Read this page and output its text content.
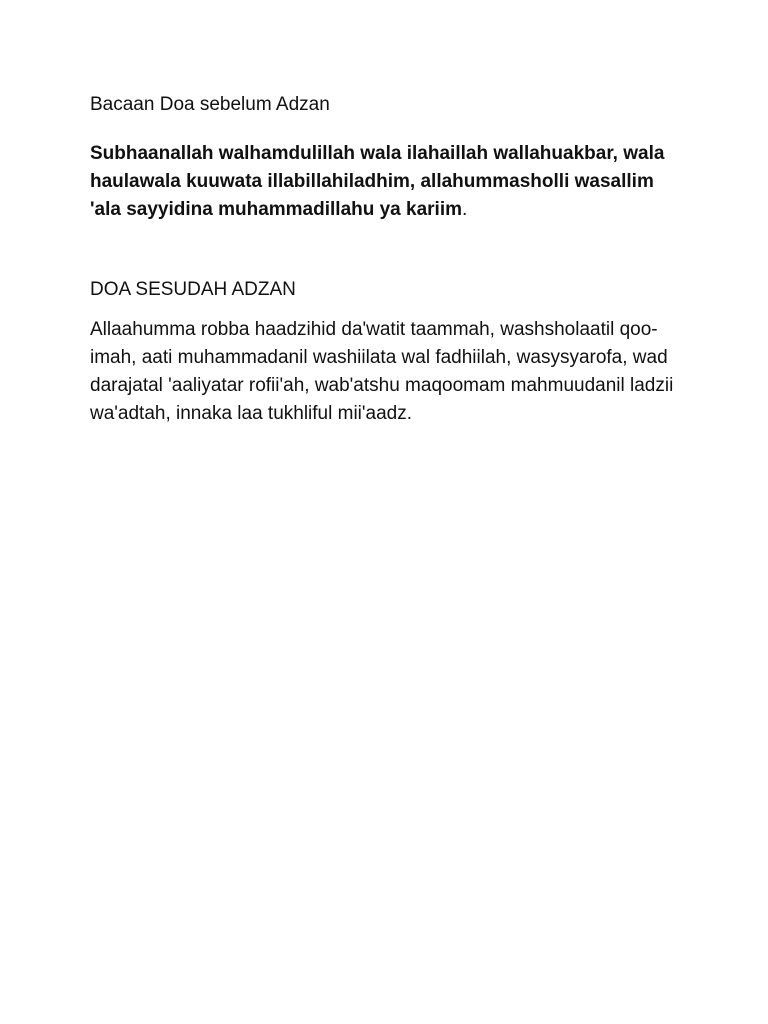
Bacaan Doa sebelum Adzan

Subhaanallah walhamdulillah wala ilahaillah wallahuakbar, wala haulawala kuuwata illabillahiladhim, allahummasholli wasallim 'ala sayyidina muhammadillahu ya kariim.

DOA SESUDAH ADZAN

Allaahumma robba haadzihid da'watit taammah, washsholaatil qoo-imah, aati muhammadanil washiilata wal fadhiilah, wasysyarofa, wad darajatal 'aaliyatar rofii'ah, wab'atshu maqoomam mahmuudanil ladzii wa'adtah, innaka laa tukhliful mii'aadz.
